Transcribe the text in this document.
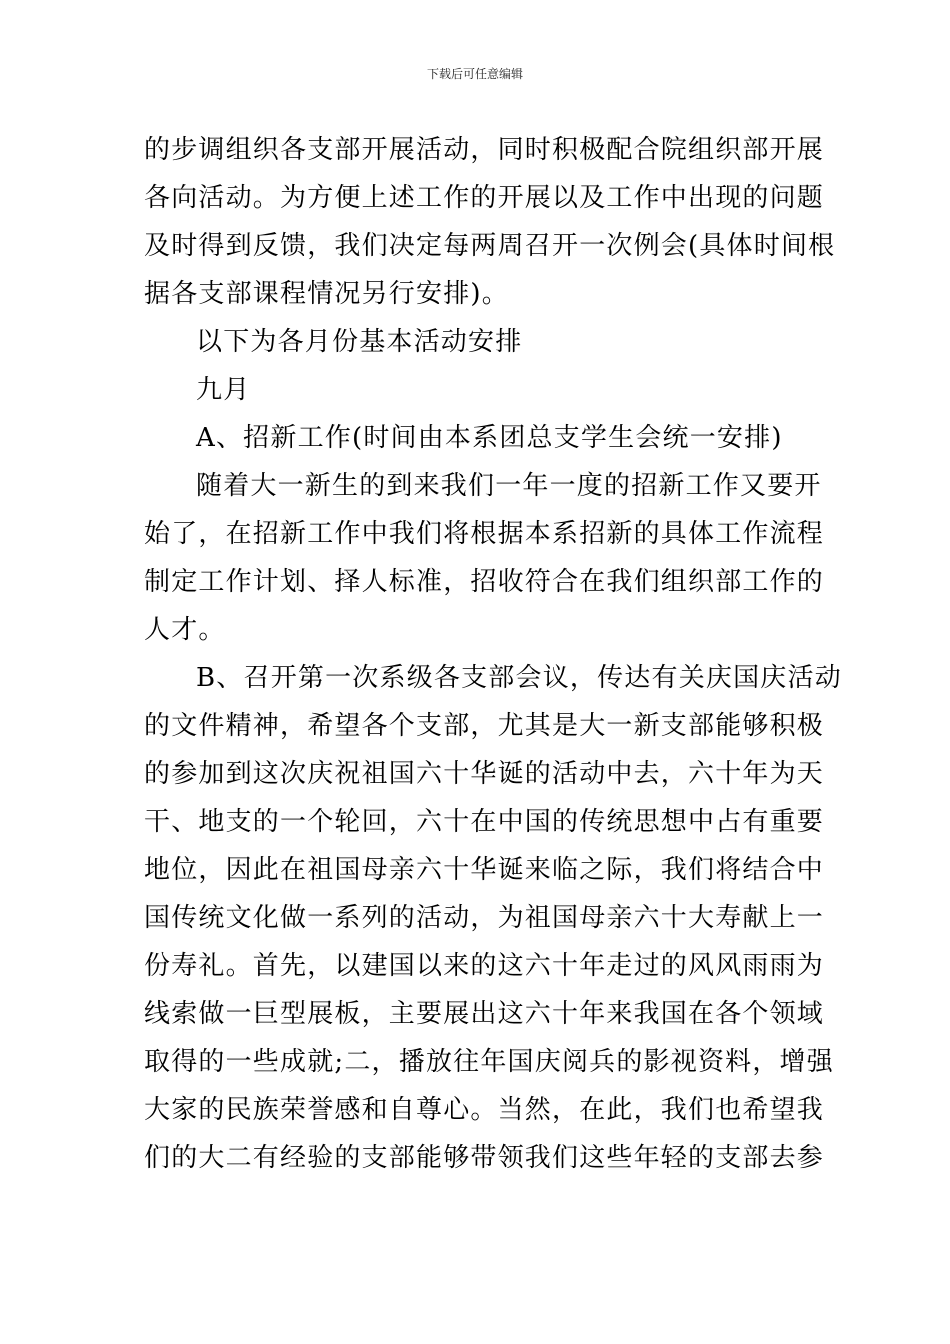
下载后可任意编辑
的步调组织各支部开展活动，同时积极配合院组织部开展
各向活动。为方便上述工作的开展以及工作中出现的问题
及时得到反馈，我们决定每两周召开一次例会(具体时间根
据各支部课程情况另行安排)。
以下为各月份基本活动安排
九月
A、招新工作(时间由本系团总支学生会统一安排)
随着大一新生的到来我们一年一度的招新工作又要开
始了，在招新工作中我们将根据本系招新的具体工作流程
制定工作计划、择人标准，招收符合在我们组织部工作的
人才。
B、召开第一次系级各支部会议，传达有关庆国庆活动
的文件精神，希望各个支部，尤其是大一新支部能够积极
的参加到这次庆祝祖国六十华诞的活动中去，六十年为天
干、地支的一个轮回，六十在中国的传统思想中占有重要
地位，因此在祖国母亲六十华诞来临之际，我们将结合中
国传统文化做一系列的活动，为祖国母亲六十大寿献上一
份寿礼。首先，以建国以来的这六十年走过的风风雨雨为
线索做一巨型展板，主要展出这六十年来我国在各个领域
取得的一些成就;二，播放往年国庆阅兵的影视资料，增强
大家的民族荣誉感和自尊心。当然，在此，我们也希望我
们的大二有经验的支部能够带领我们这些年轻的支部去参
